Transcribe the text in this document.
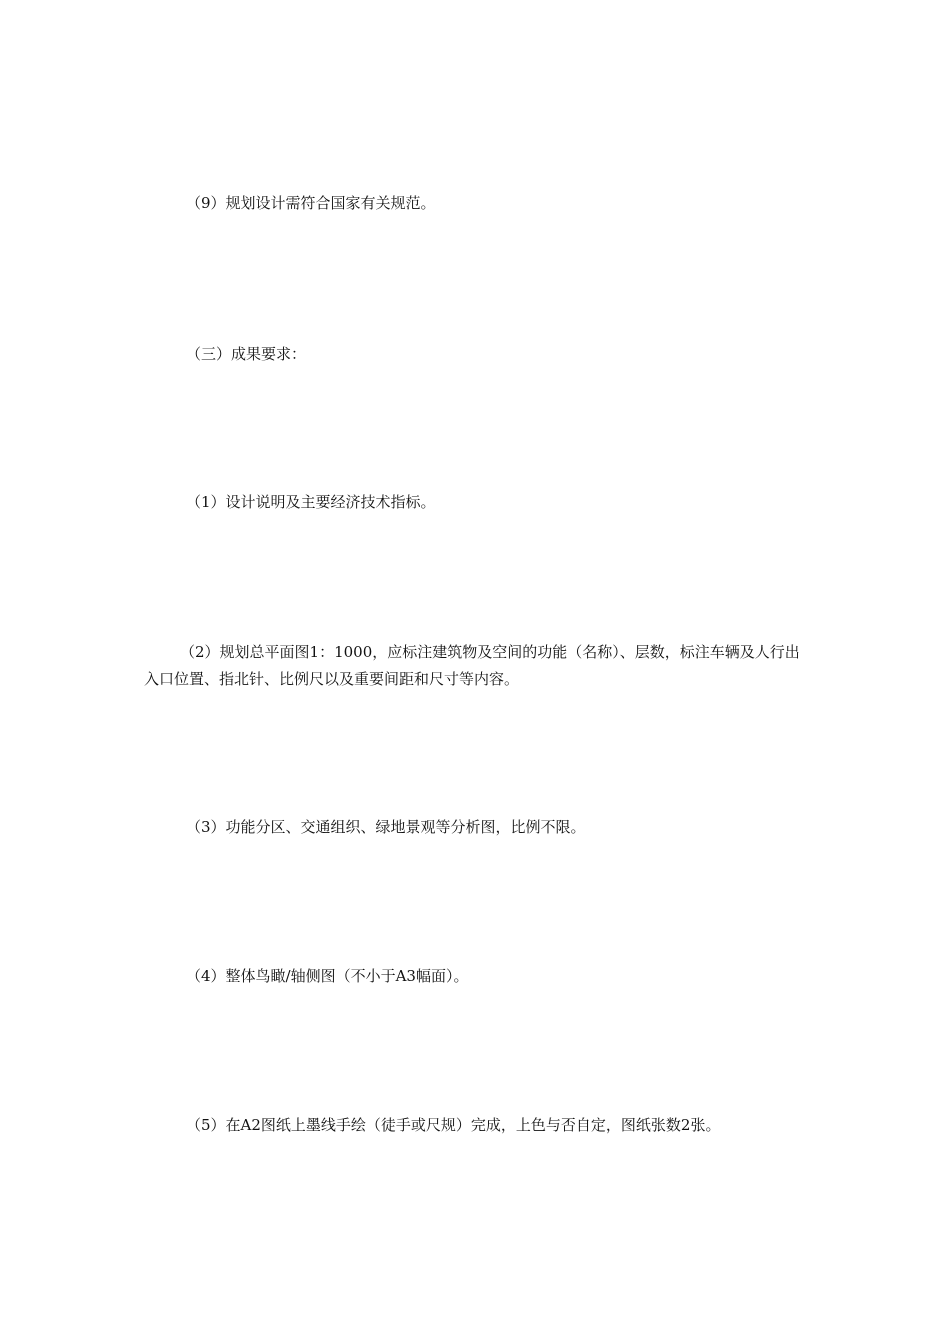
（9）规划设计需符合国家有关规范。

（三）成果要求：

（1）设计说明及主要经济技术指标。

（2）规划总平面图1：1000，应标注建筑物及空间的功能（名称）、层数，标注车辆及人行出入口位置、指北针、比例尺以及重要间距和尺寸等内容。

（3）功能分区、交通组织、绿地景观等分析图，比例不限。

（4）整体鸟瞰/轴侧图（不小于A3幅面）。

（5）在A2图纸上墨线手绘（徒手或尺规）完成，上色与否自定，图纸张数2张。
